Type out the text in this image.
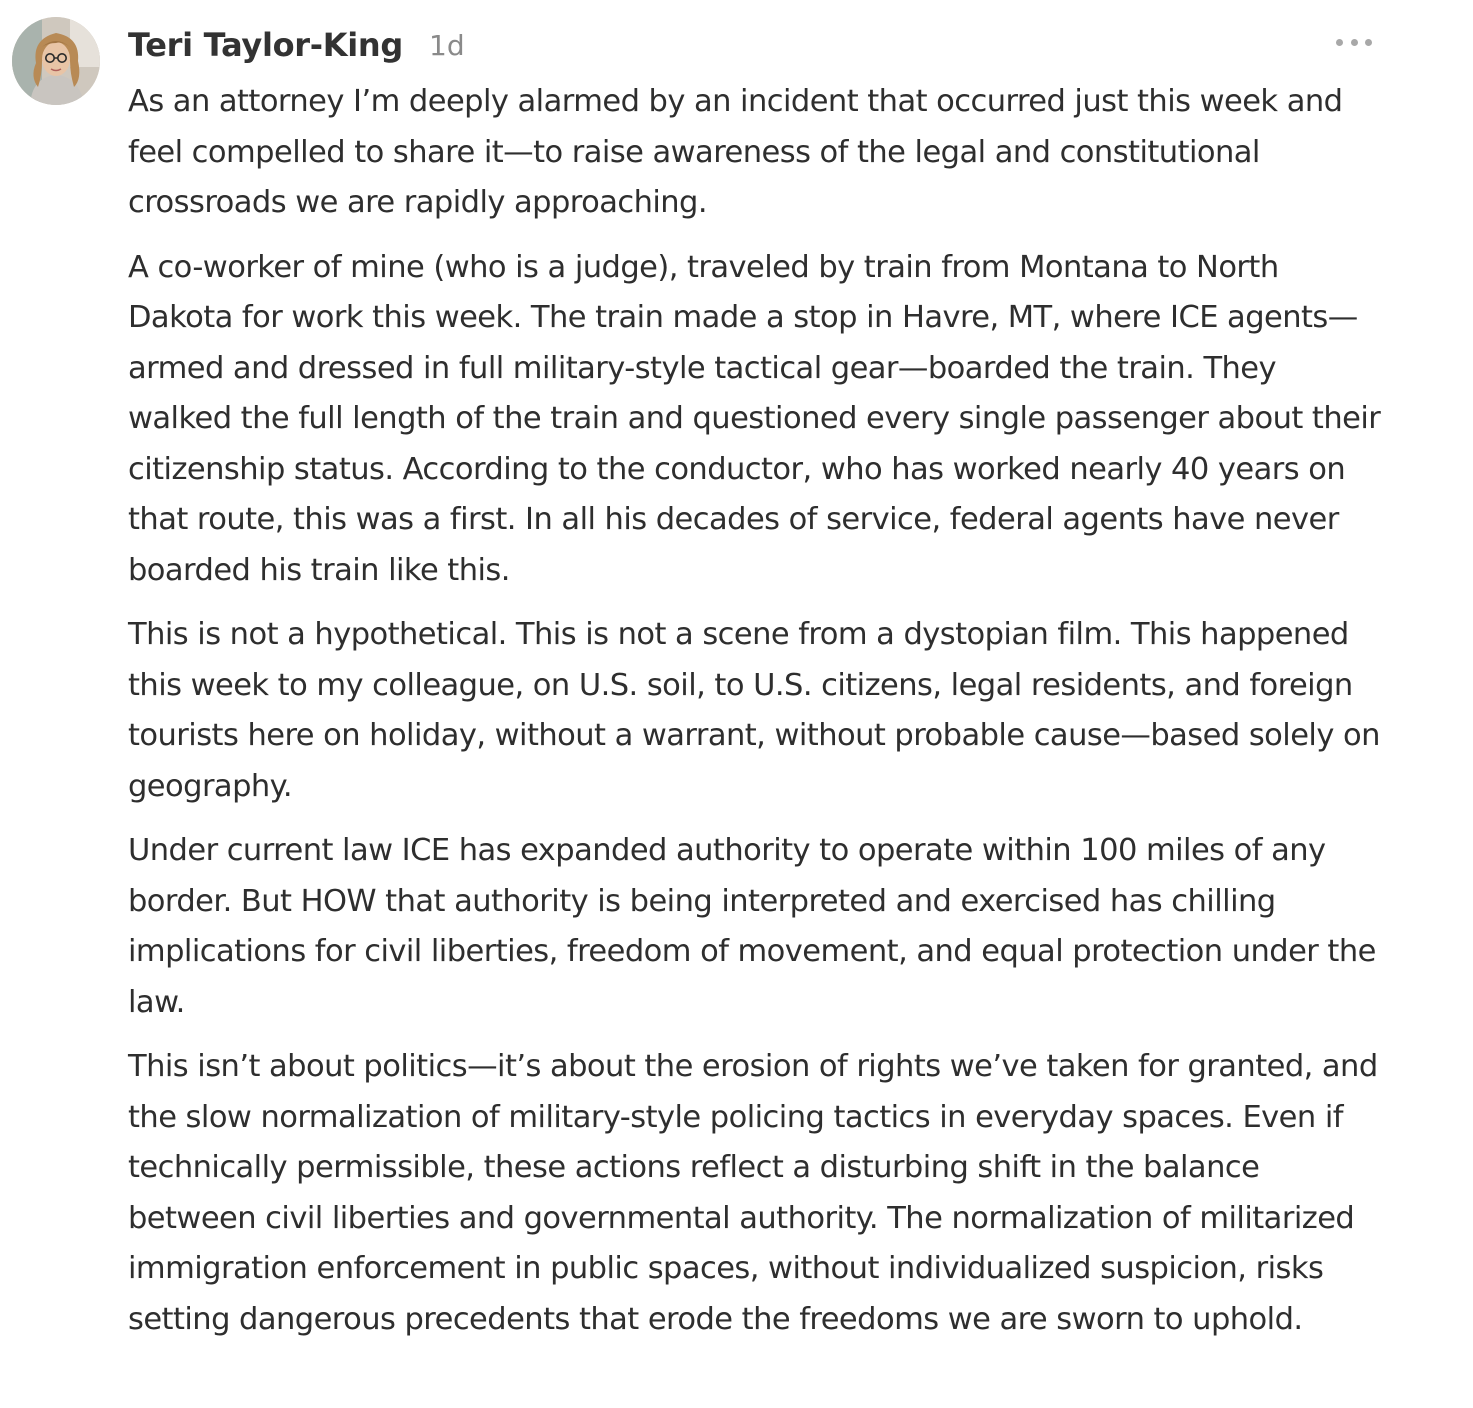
Teri Taylor-King 1d

As an attorney I’m deeply alarmed by an incident that occurred just this week and feel compelled to share it—to raise awareness of the legal and constitutional crossroads we are rapidly approaching.

A co-worker of mine (who is a judge), traveled by train from Montana to North Dakota for work this week. The train made a stop in Havre, MT, where ICE agents—armed and dressed in full military-style tactical gear—boarded the train. They walked the full length of the train and questioned every single passenger about their citizenship status. According to the conductor, who has worked nearly 40 years on that route, this was a first. In all his decades of service, federal agents have never boarded his train like this.

This is not a hypothetical. This is not a scene from a dystopian film. This happened this week to my colleague, on U.S. soil, to U.S. citizens, legal residents, and foreign tourists here on holiday, without a warrant, without probable cause—based solely on geography.

Under current law ICE has expanded authority to operate within 100 miles of any border. But HOW that authority is being interpreted and exercised has chilling implications for civil liberties, freedom of movement, and equal protection under the law.

This isn’t about politics—it’s about the erosion of rights we’ve taken for granted, and the slow normalization of military-style policing tactics in everyday spaces. Even if technically permissible, these actions reflect a disturbing shift in the balance between civil liberties and governmental authority. The normalization of militarized immigration enforcement in public spaces, without individualized suspicion, risks setting dangerous precedents that erode the freedoms we are sworn to uphold.
